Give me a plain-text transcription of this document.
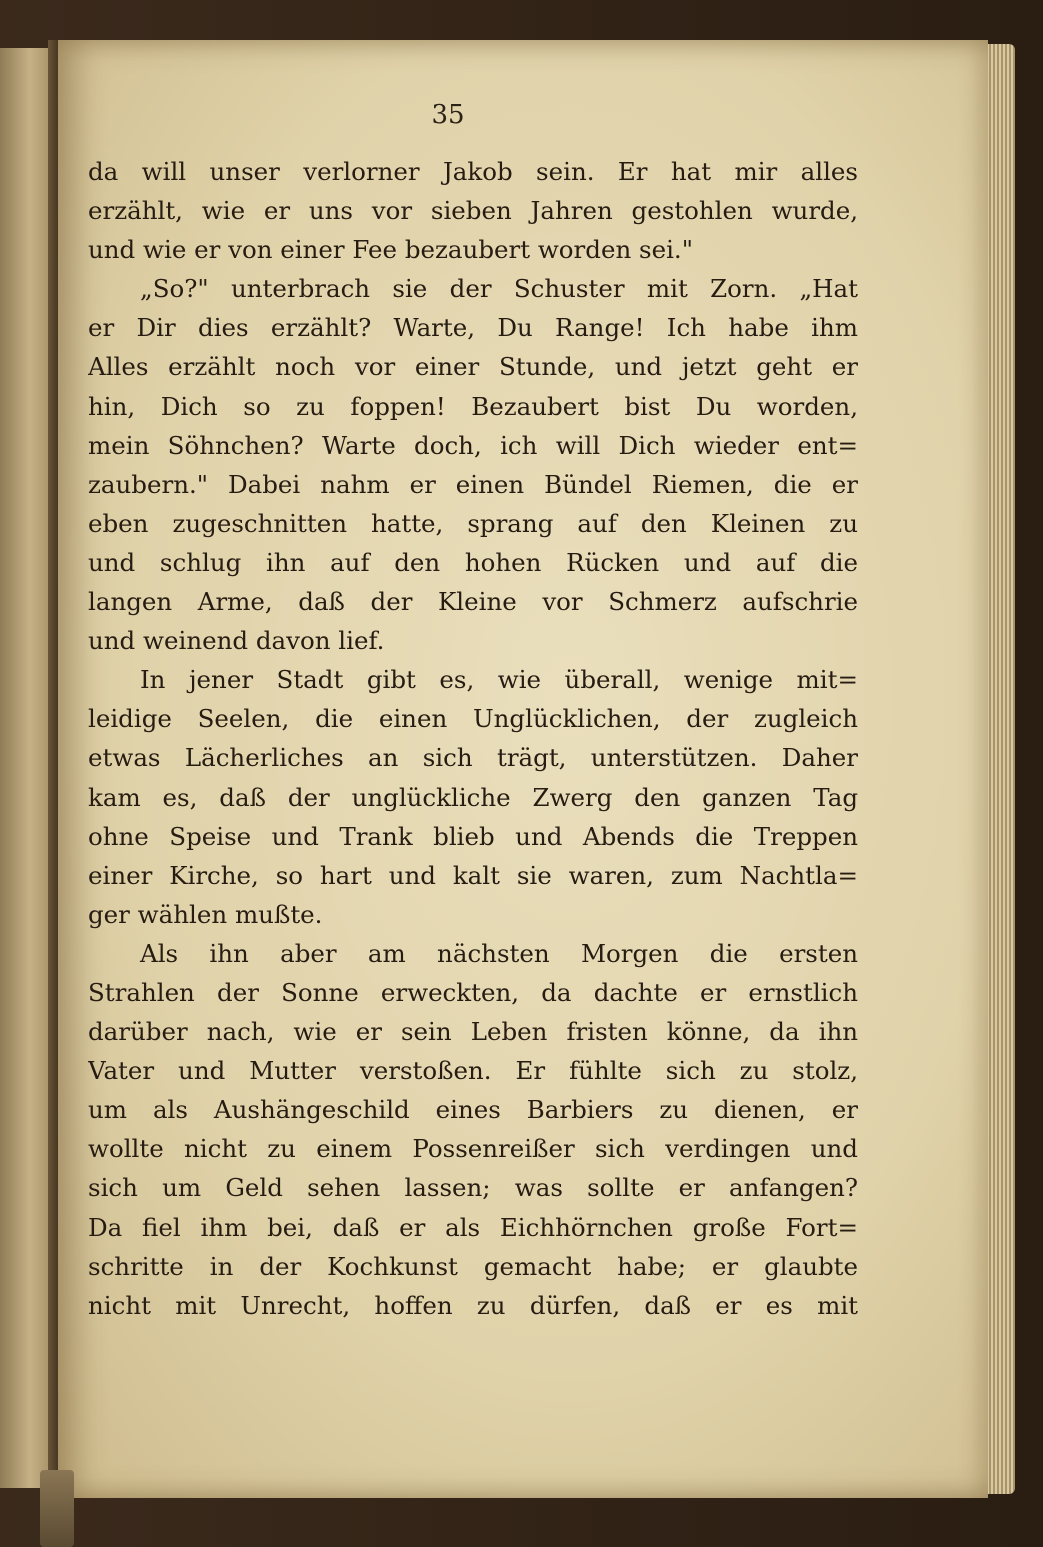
35
da will unser verlorner Jakob sein. Er hat mir alles
erzählt, wie er uns vor sieben Jahren gestohlen wurde,
und wie er von einer Fee bezaubert worden sei."
„So?" unterbrach sie der Schuster mit Zorn. „Hat
er Dir dies erzählt? Warte, Du Range! Ich habe ihm
Alles erzählt noch vor einer Stunde, und jetzt geht er
hin, Dich so zu foppen! Bezaubert bist Du worden,
mein Söhnchen? Warte doch, ich will Dich wieder ent=
zaubern." Dabei nahm er einen Bündel Riemen, die er
eben zugeschnitten hatte, sprang auf den Kleinen zu
und schlug ihn auf den hohen Rücken und auf die
langen Arme, daß der Kleine vor Schmerz aufschrie
und weinend davon lief.
In jener Stadt gibt es, wie überall, wenige mit=
leidige Seelen, die einen Unglücklichen, der zugleich
etwas Lächerliches an sich trägt, unterstützen. Daher
kam es, daß der unglückliche Zwerg den ganzen Tag
ohne Speise und Trank blieb und Abends die Treppen
einer Kirche, so hart und kalt sie waren, zum Nachtla=
ger wählen mußte.
Als ihn aber am nächsten Morgen die ersten
Strahlen der Sonne erweckten, da dachte er ernstlich
darüber nach, wie er sein Leben fristen könne, da ihn
Vater und Mutter verstoßen. Er fühlte sich zu stolz,
um als Aushängeschild eines Barbiers zu dienen, er
wollte nicht zu einem Possenreißer sich verdingen und
sich um Geld sehen lassen; was sollte er anfangen?
Da fiel ihm bei, daß er als Eichhörnchen große Fort=
schritte in der Kochkunst gemacht habe; er glaubte
nicht mit Unrecht, hoffen zu dürfen, daß er es mit
